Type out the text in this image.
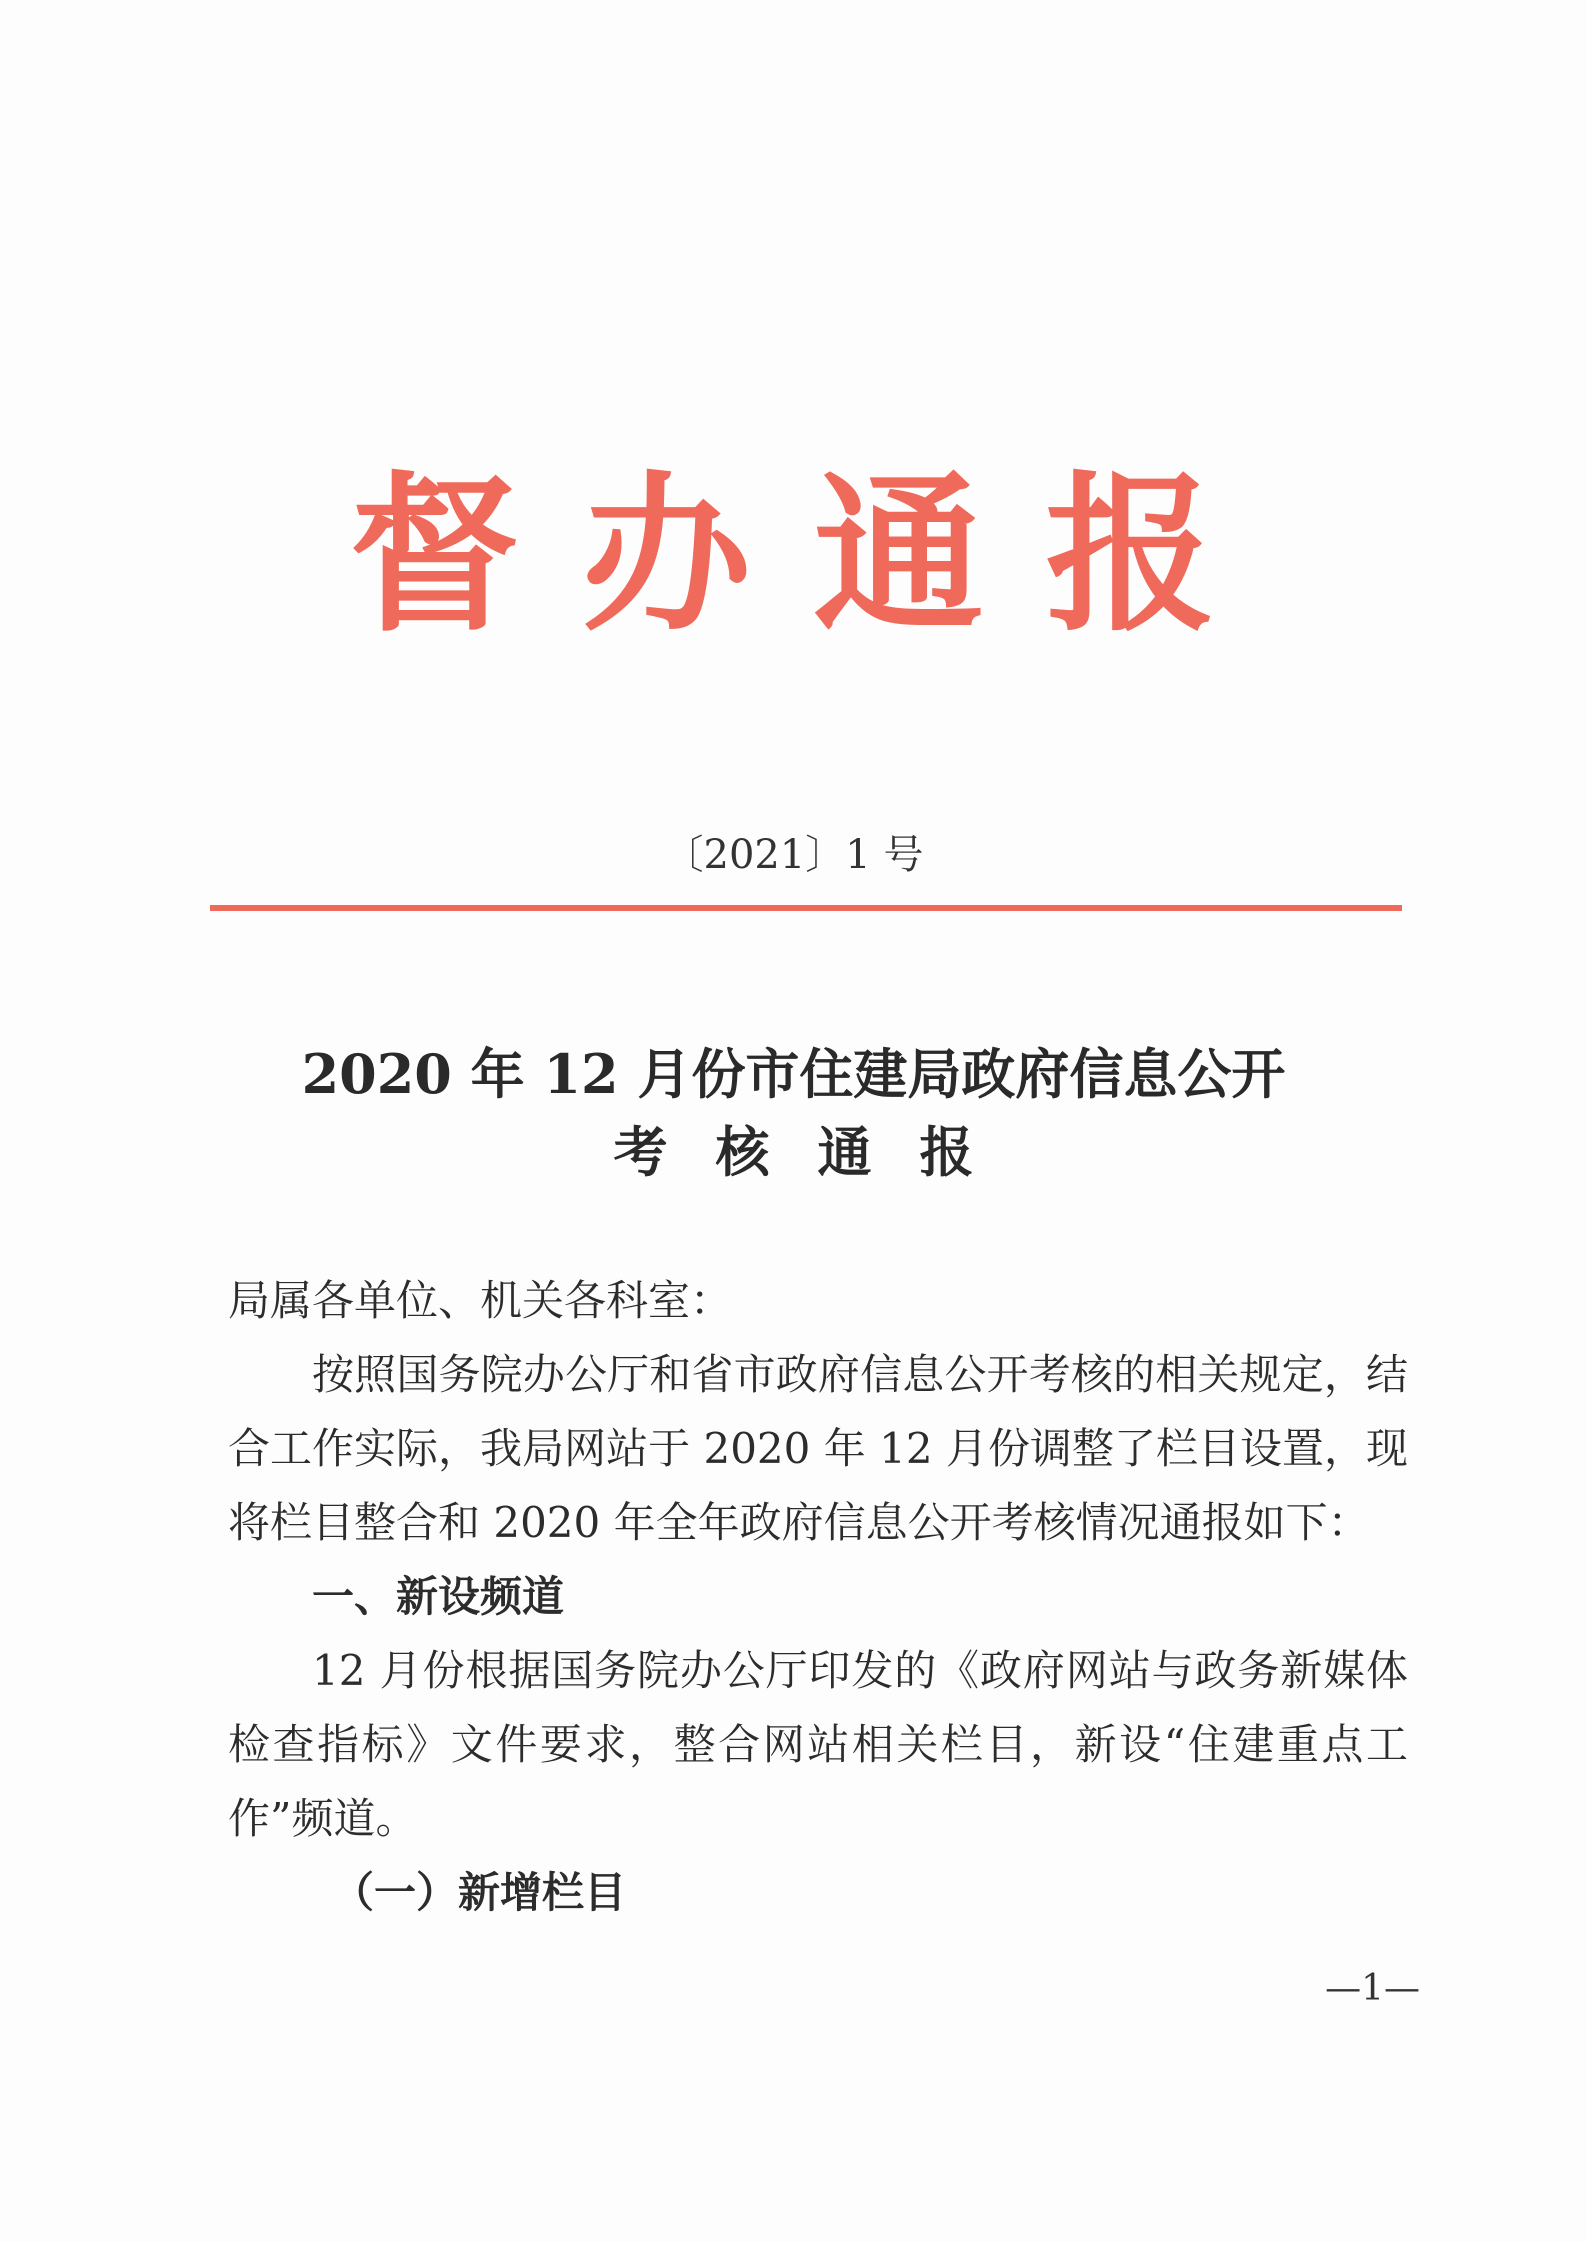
督办通报
〔2021〕1 号
2020 年 12 月份市住建局政府信息公开
考核通报

局属各单位、机关各科室：

按照国务院办公厅和省市政府信息公开考核的相关规定，结合工作实际，我局网站于 2020 年 12 月份调整了栏目设置，现将栏目整合和 2020 年全年政府信息公开考核情况通报如下：

一、新设频道

12 月份根据国务院办公厅印发的《政府网站与政务新媒体检查指标》文件要求，整合网站相关栏目，新设“住建重点工作”频道。

（一）新增栏目

—1—
